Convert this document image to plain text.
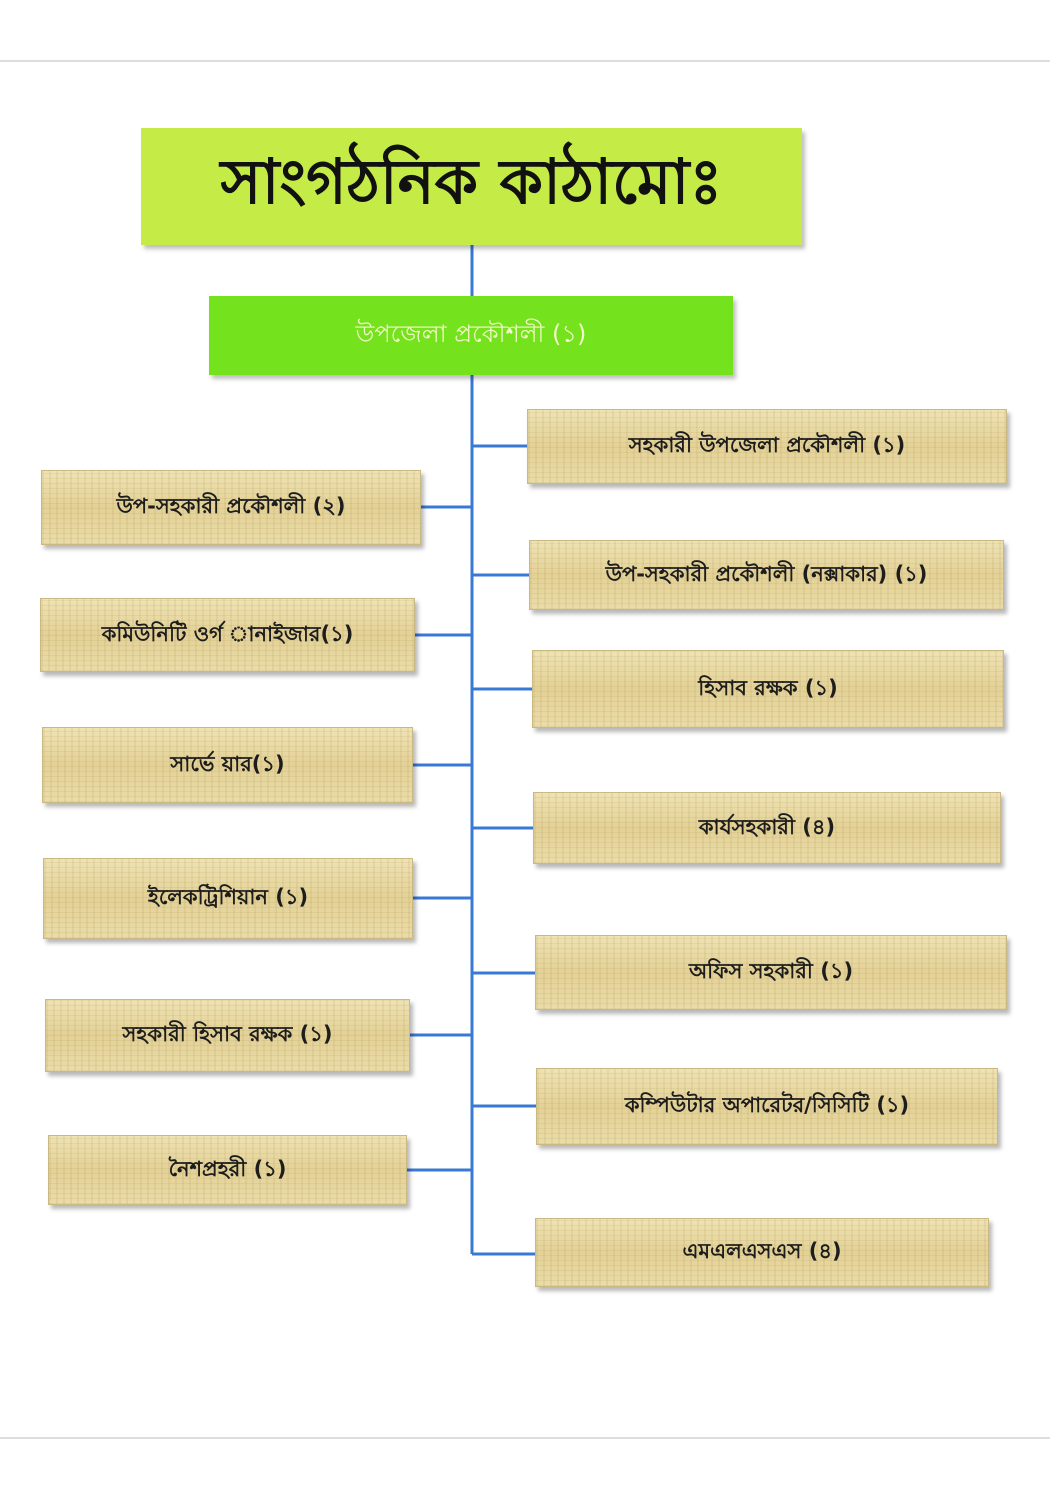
সাংগঠনিক কাঠামোঃ
উপজেলা প্রকৌশলী (১)
উপ-সহকারী প্রকৌশলী (২)
কমিউনিটি ওর্গ ানাইজার(১)
সার্ভে য়ার(১)
ইলেকট্রিশিয়ান (১)
সহকারী হিসাব রক্ষক (১)
নৈশপ্রহরী (১)
সহকারী উপজেলা প্রকৌশলী (১)
উপ-সহকারী প্রকৌশলী (নক্সাকার) (১)
হিসাব রক্ষক (১)
কার্যসহকারী (৪)
অফিস সহকারী (১)
কম্পিউটার অপারেটর/সিসিটি (১)
এমএলএসএস (৪)
